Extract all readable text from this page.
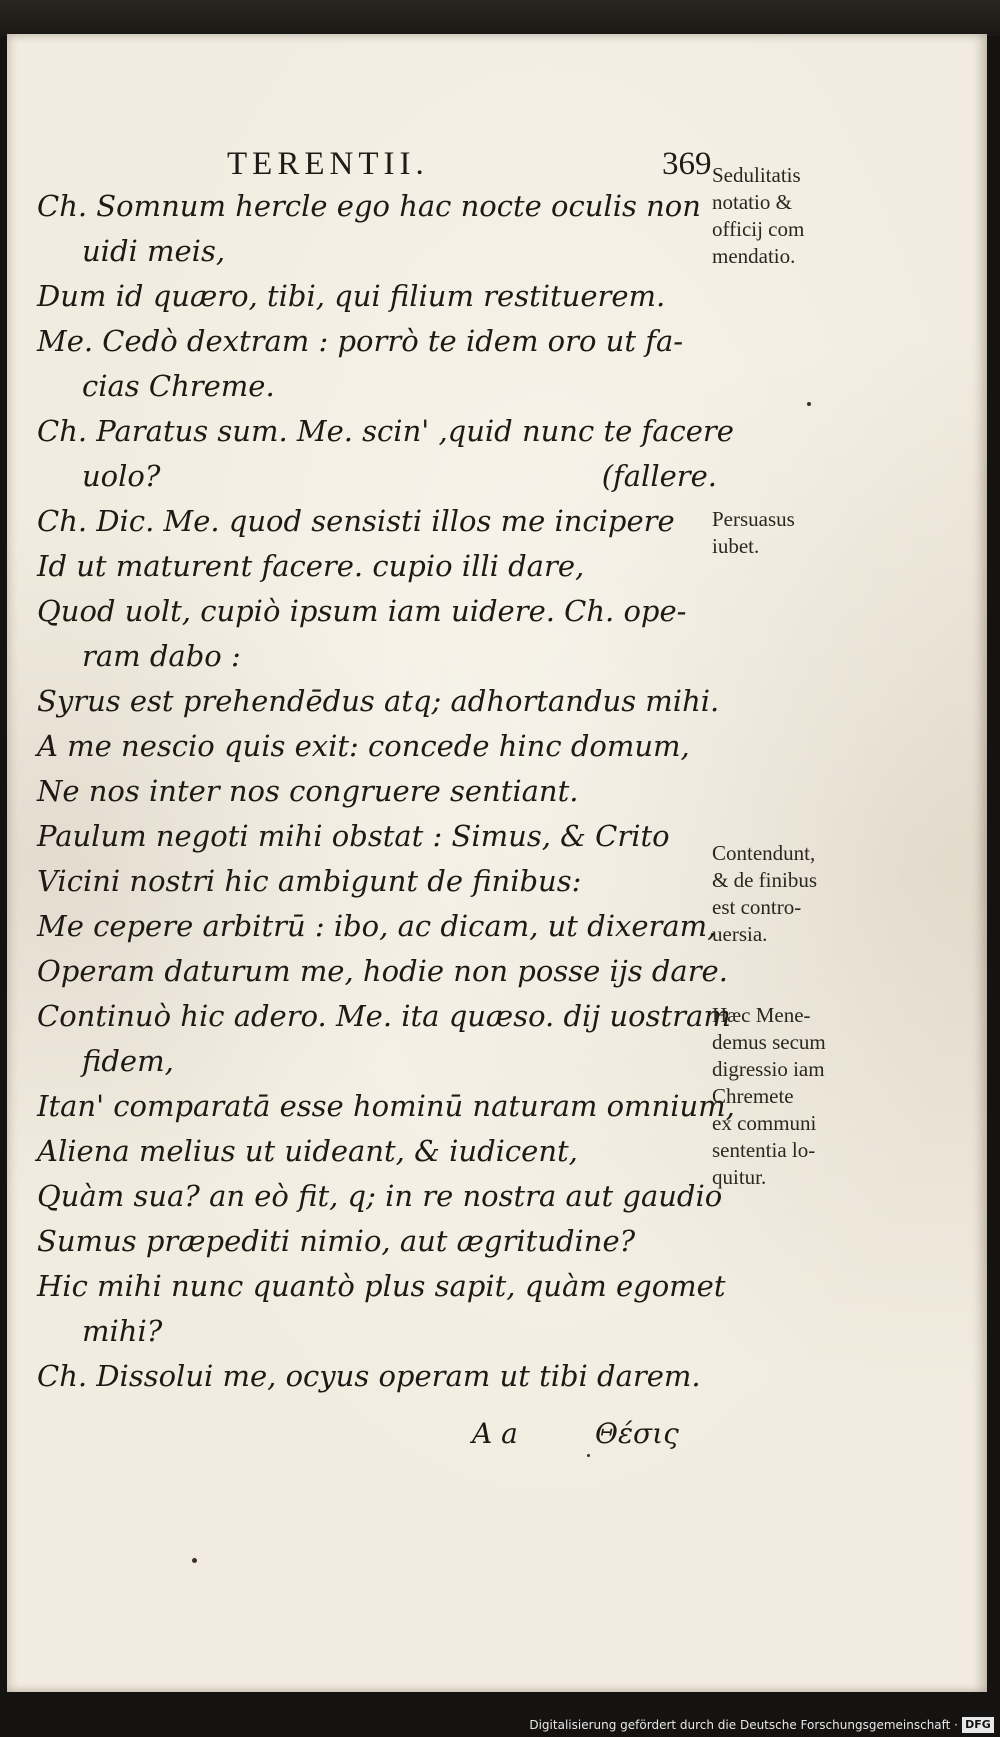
TERENTII.	369
Ch. Somnum hercle ego hac nocte oculis non
uidi meis,
Dum id quæro, tibi, qui filium restituerem.
Me. Cedò dextram : porrò te idem oro ut fa-
cias Chreme.
Ch. Paratus sum. Me. scin' ,quid nunc te facere
uolo?	(fallere.
Ch. Dic. Me. quod sensisti illos me incipere
Id ut maturent facere. cupio illi dare,
Quod uolt, cupiò ipsum iam uidere. Ch. ope-
ram dabo :
Syrus est prehendēdus atq; adhortandus mihi.
A me nescio quis exit: concede hinc domum,
Ne nos inter nos congruere sentiant.
Paulum negoti mihi obstat : Simus, & Crito
Vicini nostri hic ambigunt de finibus:
Me cepere arbitrū : ibo, ac dicam, ut dixeram,
Operam daturum me, hodie non posse ijs dare.
Continuò hic adero. Me. ita quæso. dij uostram
fidem,
Itan' comparatā esse hominū naturam omnium,
Aliena melius ut uideant, & iudicent,
Quàm sua? an eò fit, q; in re nostra aut gaudio
Sumus præpediti nimio, aut ægritudine?
Hic mihi nunc quantò plus sapit, quàm egomet
mihi?
Ch. Dissolui me, ocyus operam ut tibi darem.
Sedulitatis
notatio &
officij com
mendatio.
Persuasus
iubet.
Contendunt,
& de finibus
est contro-
uersia.
Hæc Mene-
demus secum
digressio iam
Chremete
ex communi
sententia lo-
quitur.
A a	Θέσις
Digitalisierung gefördert durch die Deutsche Forschungsgemeinschaft · DFG
